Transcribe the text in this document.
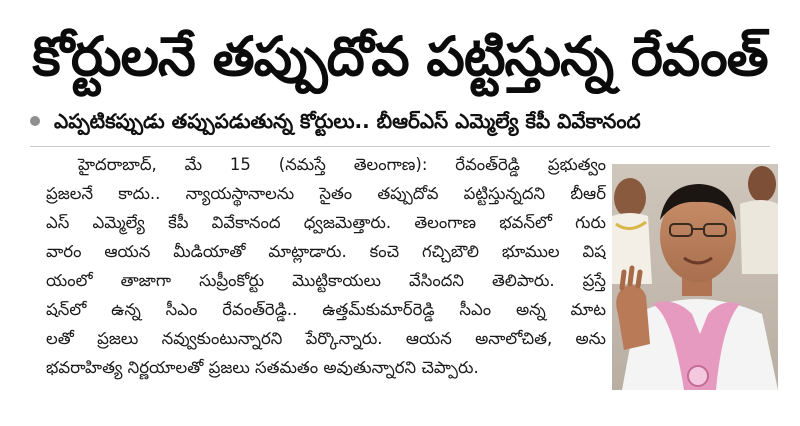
కోర్టులనే తప్పుదోవ పట్టిస్తున్న రేవంత్
ఎప్పటికప్పుడు తప్పుపడుతున్న కోర్టులు.. బీఆర్‌ఎస్ ఎమ్మెల్యే కేపీ వివేకానంద
హైదరాబాద్, మే 15 (నమస్తే తెలంగాణ): రేవంత్‌రెడ్డి ప్రభుత్వం
ప్రజలనే కాదు.. న్యాయస్థానాలను సైతం తప్పుదోవ పట్టిస్తున్నదని బీఆర్
ఎస్ ఎమ్మెల్యే కేపీ వివేకానంద ధ్వజమెత్తారు. తెలంగాణ భవన్‌లో గురు
వారం ఆయన మీడియాతో మాట్లాడారు. కంచె గచ్చిబౌలి భూముల విష
యంలో తాజాగా సుప్రీంకోర్టు మొట్టికాయలు వేసిందని తెలిపారు. ప్రస్తే
షన్‌లో ఉన్న సీఎం రేవంత్‌రెడ్డి.. ఉత్తమ్‌కుమార్‌రెడ్డి సీఎం అన్న మాట
లతో ప్రజలు నవ్వుకుంటున్నారని పేర్కొన్నారు. ఆయన అనాలోచిత, అను
భవరాహిత్య నిర్ణయాలతో ప్రజలు సతమతం అవుతున్నారని చెప్పారు.
